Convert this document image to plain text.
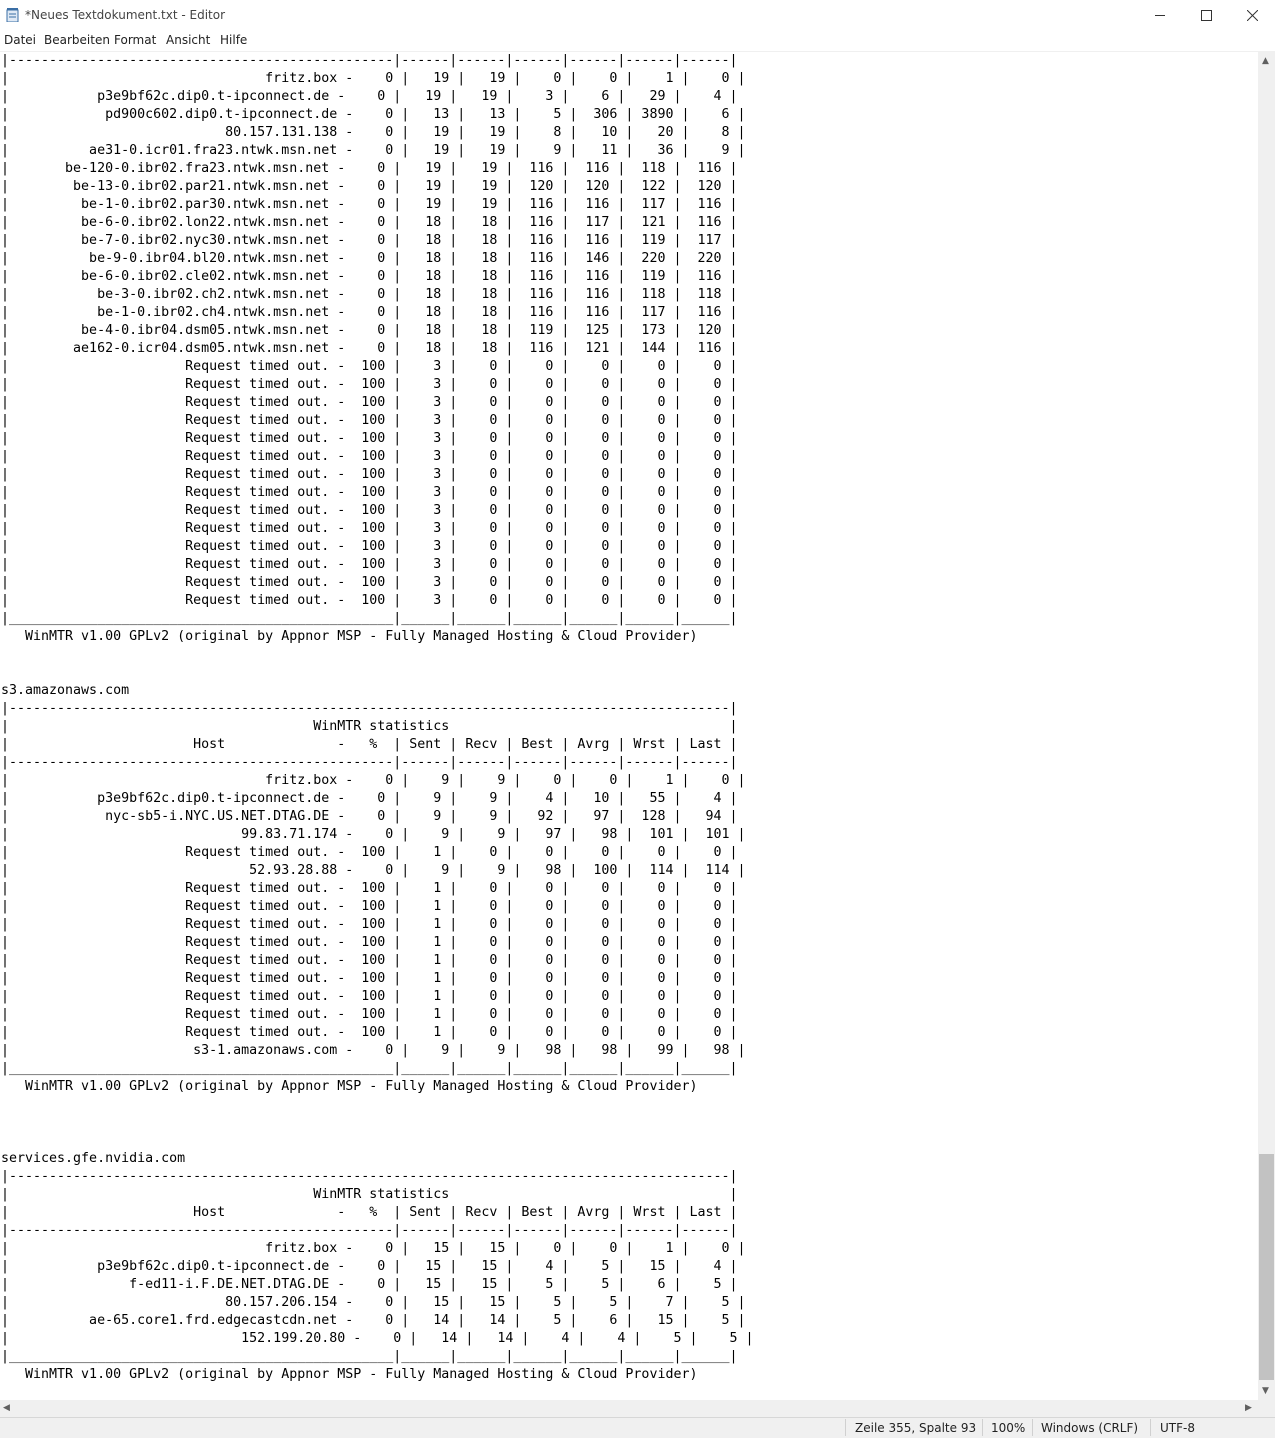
*Neues Textdokument.txt - Editor
Datei Bearbeiten Format Ansicht Hilfe
|------------------------------------------------|------|------|------|------|------|------|
|                                fritz.box -    0 |   19 |   19 |    0 |    0 |    1 |    0 |
|           p3e9bf62c.dip0.t-ipconnect.de -    0 |   19 |   19 |    3 |    6 |   29 |    4 |
|            pd900c602.dip0.t-ipconnect.de -    0 |   13 |   13 |    5 |  306 | 3890 |    6 |
|                           80.157.131.138 -    0 |   19 |   19 |    8 |   10 |   20 |    8 |
|          ae31-0.icr01.fra23.ntwk.msn.net -    0 |   19 |   19 |    9 |   11 |   36 |    9 |
|       be-120-0.ibr02.fra23.ntwk.msn.net -    0 |   19 |   19 |  116 |  116 |  118 |  116 |
|        be-13-0.ibr02.par21.ntwk.msn.net -    0 |   19 |   19 |  120 |  120 |  122 |  120 |
|         be-1-0.ibr02.par30.ntwk.msn.net -    0 |   19 |   19 |  116 |  116 |  117 |  116 |
|         be-6-0.ibr02.lon22.ntwk.msn.net -    0 |   18 |   18 |  116 |  117 |  121 |  116 |
|         be-7-0.ibr02.nyc30.ntwk.msn.net -    0 |   18 |   18 |  116 |  116 |  119 |  117 |
|          be-9-0.ibr04.bl20.ntwk.msn.net -    0 |   18 |   18 |  116 |  146 |  220 |  220 |
|         be-6-0.ibr02.cle02.ntwk.msn.net -    0 |   18 |   18 |  116 |  116 |  119 |  116 |
|           be-3-0.ibr02.ch2.ntwk.msn.net -    0 |   18 |   18 |  116 |  116 |  118 |  118 |
|           be-1-0.ibr02.ch4.ntwk.msn.net -    0 |   18 |   18 |  116 |  116 |  117 |  116 |
|         be-4-0.ibr04.dsm05.ntwk.msn.net -    0 |   18 |   18 |  119 |  125 |  173 |  120 |
|        ae162-0.icr04.dsm05.ntwk.msn.net -    0 |   18 |   18 |  116 |  121 |  144 |  116 |
|                      Request timed out. -  100 |    3 |    0 |    0 |    0 |    0 |    0 |
|                      Request timed out. -  100 |    3 |    0 |    0 |    0 |    0 |    0 |
|                      Request timed out. -  100 |    3 |    0 |    0 |    0 |    0 |    0 |
|                      Request timed out. -  100 |    3 |    0 |    0 |    0 |    0 |    0 |
|                      Request timed out. -  100 |    3 |    0 |    0 |    0 |    0 |    0 |
|                      Request timed out. -  100 |    3 |    0 |    0 |    0 |    0 |    0 |
|                      Request timed out. -  100 |    3 |    0 |    0 |    0 |    0 |    0 |
|                      Request timed out. -  100 |    3 |    0 |    0 |    0 |    0 |    0 |
|                      Request timed out. -  100 |    3 |    0 |    0 |    0 |    0 |    0 |
|                      Request timed out. -  100 |    3 |    0 |    0 |    0 |    0 |    0 |
|                      Request timed out. -  100 |    3 |    0 |    0 |    0 |    0 |    0 |
|                      Request timed out. -  100 |    3 |    0 |    0 |    0 |    0 |    0 |
|                      Request timed out. -  100 |    3 |    0 |    0 |    0 |    0 |    0 |
|                      Request timed out. -  100 |    3 |    0 |    0 |    0 |    0 |    0 |
|________________________________________________|______|______|______|______|______|______|
WinMTR v1.00 GPLv2 (original by Appnor MSP - Fully Managed Hosting & Cloud Provider)

s3.amazonaws.com
|------------------------------------------------------------------------------------------|
|                                      WinMTR statistics                                   |
|                       Host              -   %  | Sent | Recv | Best | Avrg | Wrst | Last |
|------------------------------------------------|------|------|------|------|------|------|
|                                fritz.box -    0 |    9 |    9 |    0 |    0 |    1 |    0 |
|           p3e9bf62c.dip0.t-ipconnect.de -    0 |    9 |    9 |    4 |   10 |   55 |    4 |
|            nyc-sb5-i.NYC.US.NET.DTAG.DE -    0 |    9 |    9 |   92 |   97 |  128 |   94 |
|                             99.83.71.174 -    0 |    9 |    9 |   97 |   98 |  101 |  101 |
|                      Request timed out. -  100 |    1 |    0 |    0 |    0 |    0 |    0 |
|                              52.93.28.88 -    0 |    9 |    9 |   98 |  100 |  114 |  114 |
|                      Request timed out. -  100 |    1 |    0 |    0 |    0 |    0 |    0 |
|                      Request timed out. -  100 |    1 |    0 |    0 |    0 |    0 |    0 |
|                      Request timed out. -  100 |    1 |    0 |    0 |    0 |    0 |    0 |
|                      Request timed out. -  100 |    1 |    0 |    0 |    0 |    0 |    0 |
|                      Request timed out. -  100 |    1 |    0 |    0 |    0 |    0 |    0 |
|                      Request timed out. -  100 |    1 |    0 |    0 |    0 |    0 |    0 |
|                      Request timed out. -  100 |    1 |    0 |    0 |    0 |    0 |    0 |
|                      Request timed out. -  100 |    1 |    0 |    0 |    0 |    0 |    0 |
|                      Request timed out. -  100 |    1 |    0 |    0 |    0 |    0 |    0 |
|                       s3-1.amazonaws.com -    0 |    9 |    9 |   98 |   98 |   99 |   98 |
|________________________________________________|______|______|______|______|______|______|
WinMTR v1.00 GPLv2 (original by Appnor MSP - Fully Managed Hosting & Cloud Provider)

services.gfe.nvidia.com
|------------------------------------------------------------------------------------------|
|                                      WinMTR statistics                                   |
|                       Host              -   %  | Sent | Recv | Best | Avrg | Wrst | Last |
|------------------------------------------------|------|------|------|------|------|------|
|                                fritz.box -    0 |   15 |   15 |    0 |    0 |    1 |    0 |
|           p3e9bf62c.dip0.t-ipconnect.de -    0 |   15 |   15 |    4 |    5 |   15 |    4 |
|               f-ed11-i.F.DE.NET.DTAG.DE -    0 |   15 |   15 |    5 |    5 |    6 |    5 |
|                           80.157.206.154 -    0 |   15 |   15 |    5 |    5 |    7 |    5 |
|          ae-65.core1.frd.edgecastcdn.net -    0 |   14 |   14 |    5 |    6 |   15 |    5 |
|                             152.199.20.80 -    0 |   14 |   14 |    4 |    4 |    5 |    5 |
|________________________________________________|______|______|______|______|______|______|
WinMTR v1.00 GPLv2 (original by Appnor MSP - Fully Managed Hosting & Cloud Provider)
▲
▼
◀	▶
Zeile 355, Spalte 93 100% Windows (CRLF) UTF-8
